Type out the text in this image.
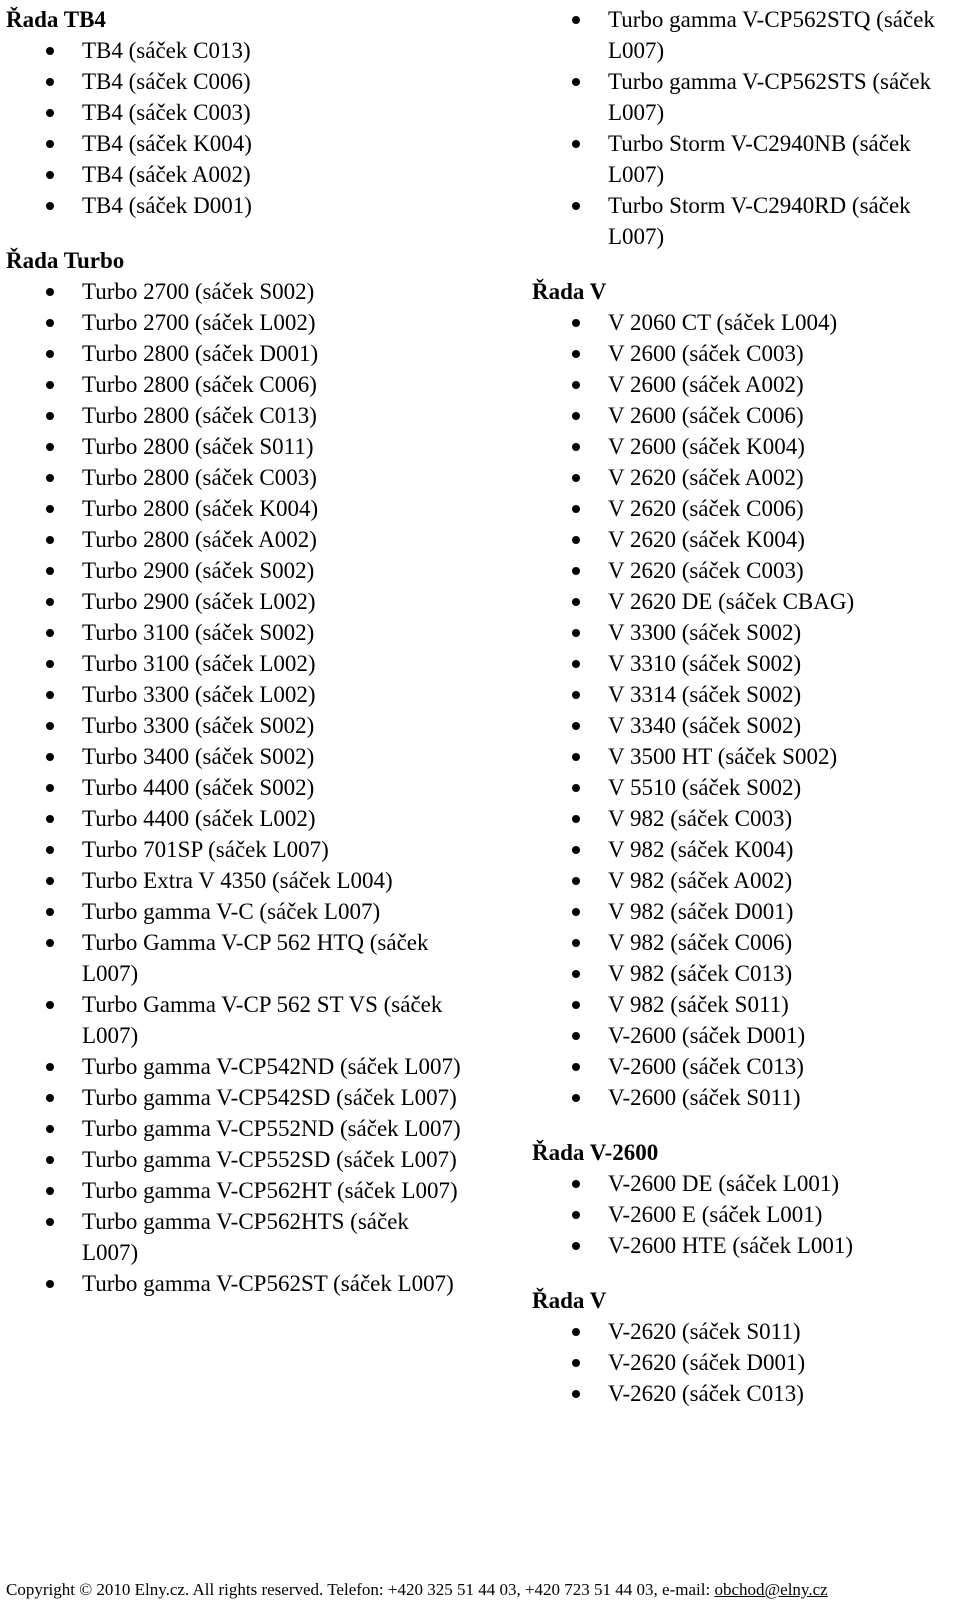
Řada TB4
TB4 (sáček C013)
TB4 (sáček C006)
TB4 (sáček C003)
TB4 (sáček K004)
TB4 (sáček A002)
TB4 (sáček D001)
Řada Turbo
Turbo 2700 (sáček S002)
Turbo 2700 (sáček L002)
Turbo 2800 (sáček D001)
Turbo 2800 (sáček C006)
Turbo 2800 (sáček C013)
Turbo 2800 (sáček S011)
Turbo 2800 (sáček C003)
Turbo 2800 (sáček K004)
Turbo 2800 (sáček A002)
Turbo 2900 (sáček S002)
Turbo 2900 (sáček L002)
Turbo 3100 (sáček S002)
Turbo 3100 (sáček L002)
Turbo 3300 (sáček L002)
Turbo 3300 (sáček S002)
Turbo 3400 (sáček S002)
Turbo 4400 (sáček S002)
Turbo 4400 (sáček L002)
Turbo 701SP (sáček L007)
Turbo Extra V 4350 (sáček L004)
Turbo gamma V-C (sáček L007)
Turbo Gamma V-CP 562 HTQ (sáček L007)
Turbo Gamma V-CP 562 ST VS (sáček L007)
Turbo gamma V-CP542ND (sáček L007)
Turbo gamma V-CP542SD (sáček L007)
Turbo gamma V-CP552ND (sáček L007)
Turbo gamma V-CP552SD (sáček L007)
Turbo gamma V-CP562HT (sáček L007)
Turbo gamma V-CP562HTS (sáček L007)
Turbo gamma V-CP562ST (sáček L007)
Turbo gamma V-CP562STQ (sáček L007)
Turbo gamma V-CP562STS (sáček L007)
Turbo Storm V-C2940NB (sáček L007)
Turbo Storm V-C2940RD (sáček L007)
Řada V
V 2060 CT (sáček L004)
V 2600 (sáček C003)
V 2600 (sáček A002)
V 2600 (sáček C006)
V 2600 (sáček K004)
V 2620 (sáček A002)
V 2620 (sáček C006)
V 2620 (sáček K004)
V 2620 (sáček C003)
V 2620 DE (sáček CBAG)
V 3300 (sáček S002)
V 3310 (sáček S002)
V 3314 (sáček S002)
V 3340 (sáček S002)
V 3500 HT (sáček S002)
V 5510 (sáček S002)
V 982 (sáček C003)
V 982 (sáček K004)
V 982 (sáček A002)
V 982 (sáček D001)
V 982 (sáček C006)
V 982 (sáček C013)
V 982 (sáček S011)
V-2600 (sáček D001)
V-2600 (sáček C013)
V-2600 (sáček S011)
Řada V-2600
V-2600 DE (sáček L001)
V-2600 E (sáček L001)
V-2600 HTE (sáček L001)
Řada V
V-2620 (sáček S011)
V-2620 (sáček D001)
V-2620 (sáček C013)
Copyright © 2010 Elny.cz. All rights reserved. Telefon: +420 325 51 44 03, +420 723 51 44 03, e-mail: obchod@elny.cz
